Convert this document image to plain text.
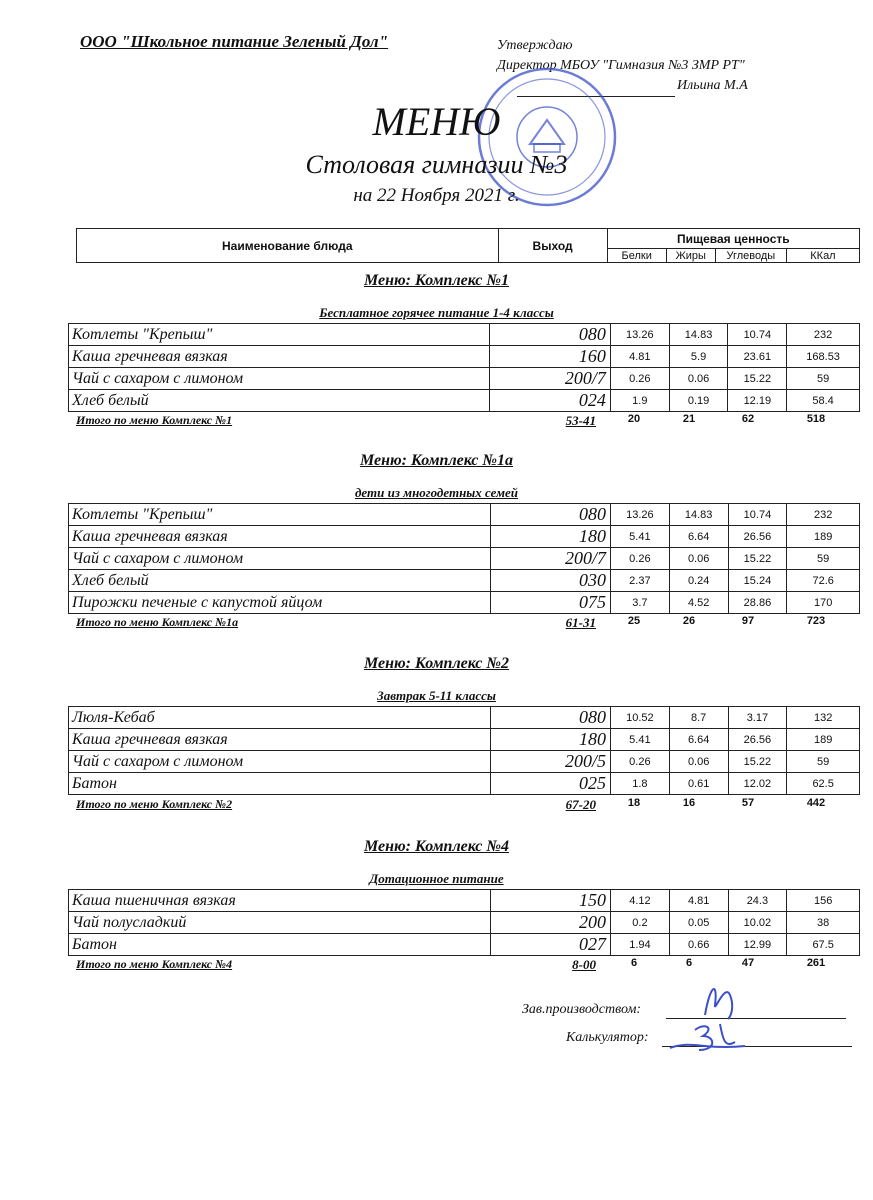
ООО "Школьное питание Зеленый Дол"	Утверждаю
Директор МБОУ "Гимназия №3 ЗМР РТ"
Ильина М.А
МЕНЮ
Столовая гимназии №3
на 22 Ноября 2021 г.
Наименование блюда	Выход	Пищевая ценность			
		Белки	Жиры	Углеводы	ККал
Меню: Комплекс №1
Бесплатное горячее питание 1-4 классы
Котлеты "Крепыш"	080	13.26	14.83	10.74	232
Каша гречневая вязкая	160	4.81	5.9	23.61	168.53
Чай с сахаром с лимоном	200/7	0.26	0.06	15.22	59
Хлеб белый	024	1.9	0.19	12.19	58.4
Итого по меню Комплекс №1	53-41	20	21	62	518
Меню: Комплекс №1а
дети из многодетных семей
Котлеты "Крепыш"	080	13.26	14.83	10.74	232
Каша гречневая вязкая	180	5.41	6.64	26.56	189
Чай с сахаром с лимоном	200/7	0.26	0.06	15.22	59
Хлеб белый	030	2.37	0.24	15.24	72.6
Пирожки печеные с капустой яйцом	075	3.7	4.52	28.86	170
Итого по меню Комплекс №1а	61-31	25	26	97	723
Меню: Комплекс №2
Завтрак 5-11 классы
Люля-Кебаб	080	10.52	8.7	3.17	132
Каша гречневая вязкая	180	5.41	6.64	26.56	189
Чай с сахаром с лимоном	200/5	0.26	0.06	15.22	59
Батон	025	1.8	0.61	12.02	62.5
Итого по меню Комплекс №2	67-20	18	16	57	442
Меню: Комплекс №4
Дотационное питание
Каша пшеничная вязкая	150	4.12	4.81	24.3	156
Чай полусладкий	200	0.2	0.05	10.02	38
Батон	027	1.94	0.66	12.99	67.5
Итого по меню Комплекс №4	8-00	6	6	47	261
Зав.производством:
Калькулятор:
